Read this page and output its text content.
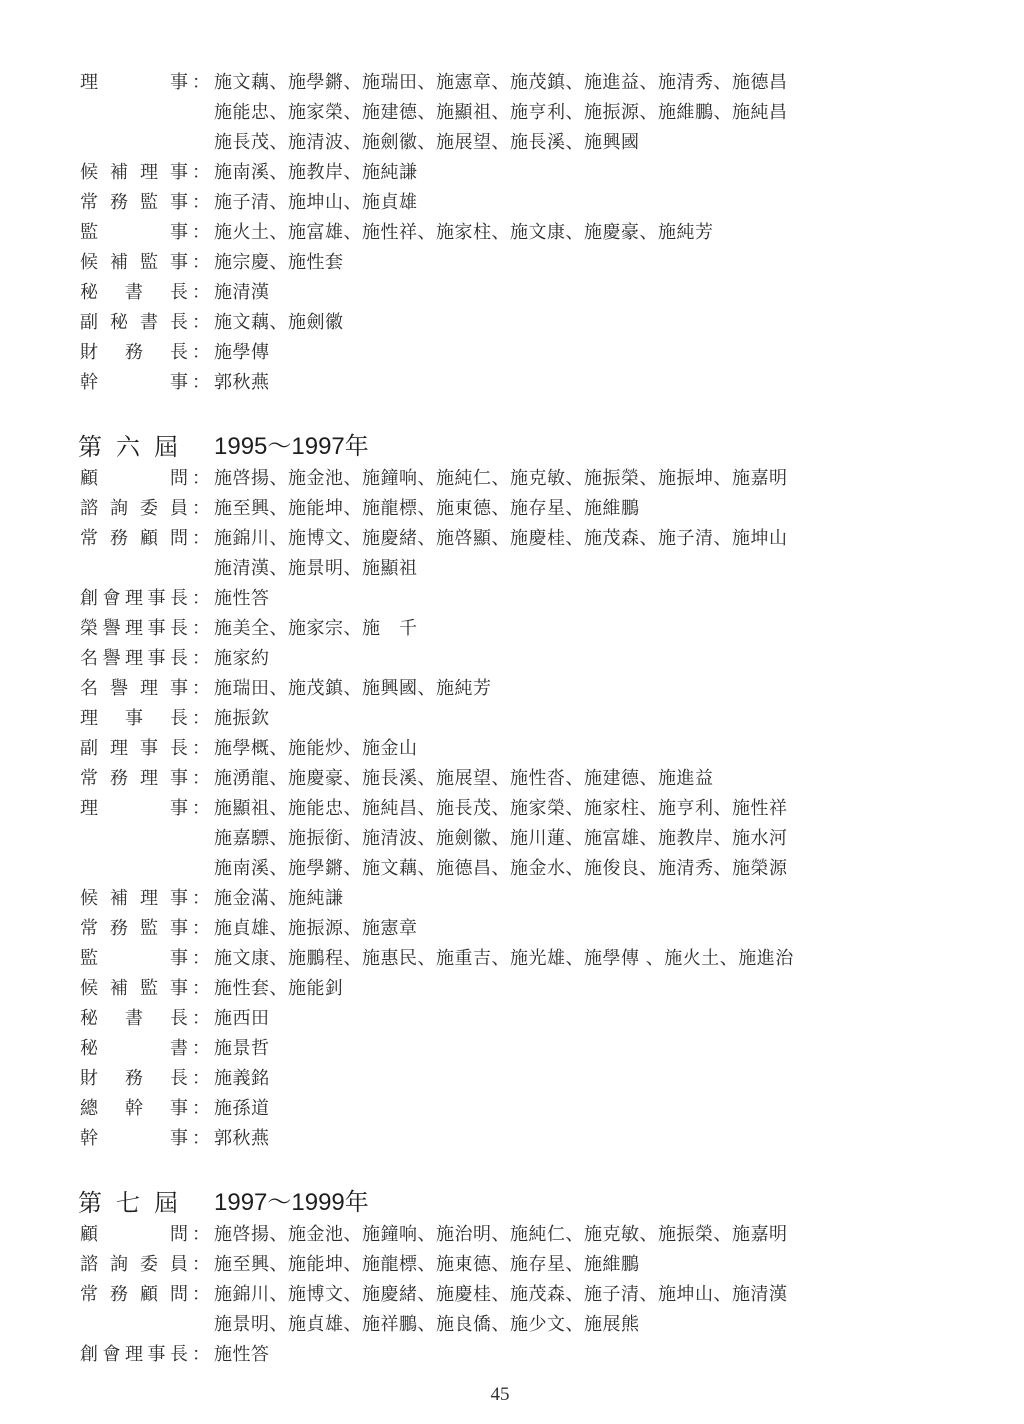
理事 ： 施文藕、施學鏘、施瑞田、施憲章、施茂鎮、施進益、施清秀、施德昌
施能忠、施家榮、施建德、施顯祖、施亨利、施振源、施維鵬、施純昌
施長茂、施清波、施劍徽、施展望、施長溪、施興國
候補理事 ： 施南溪、施教岸、施純謙
常務監事 ： 施子清、施坤山、施貞雄
監事 ： 施火土、施富雄、施性祥、施家柱、施文康、施慶豪、施純芳
候補監事 ： 施宗慶、施性套
秘書長 ： 施清漢
副秘書長 ： 施文藕、施劍徽
財務長 ： 施學傳
幹事 ： 郭秋燕
第六屆 1995～1997年
顧問 ： 施啓揚、施金池、施鐘响、施純仁、施克敏、施振榮、施振坤、施嘉明
諮詢委員 ： 施至興、施能坤、施龍標、施東德、施存星、施維鵬
常務顧問 ： 施錦川、施博文、施慶緒、施啓顯、施慶桂、施茂森、施子清、施坤山
施清漢、施景明、施顯祖
創會理事長 ： 施性答
榮譽理事長 ： 施美全、施家宗、施　千
名譽理事長 ： 施家約
名譽理事 ： 施瑞田、施茂鎮、施興國、施純芳
理事長 ： 施振欽
副理事長 ： 施學概、施能炒、施金山
常務理事 ： 施湧龍、施慶豪、施長溪、施展望、施性沓、施建德、施進益
理事 ： 施顯祖、施能忠、施純昌、施長茂、施家榮、施家柱、施亨利、施性祥
施嘉驃、施振銜、施清波、施劍徽、施川蓮、施富雄、施教岸、施水河
施南溪、施學鏘、施文藕、施德昌、施金水、施俊良、施清秀、施榮源
候補理事 ： 施金滿、施純謙
常務監事 ： 施貞雄、施振源、施憲章
監事 ： 施文康、施鵬程、施惠民、施重吉、施光雄、施學傳 、施火土、施進治
候補監事 ： 施性套、施能釗
秘書長 ： 施西田
秘書 ： 施景哲
財務長 ： 施義銘
總幹事 ： 施孫道
幹事 ： 郭秋燕
第七屆 1997～1999年
顧問 ： 施啓揚、施金池、施鐘响、施治明、施純仁、施克敏、施振榮、施嘉明
諮詢委員 ： 施至興、施能坤、施龍標、施東德、施存星、施維鵬
常務顧問 ： 施錦川、施博文、施慶緒、施慶桂、施茂森、施子清、施坤山、施清漢
施景明、施貞雄、施祥鵬、施良僑、施少文、施展熊
創會理事長 ： 施性答
45
